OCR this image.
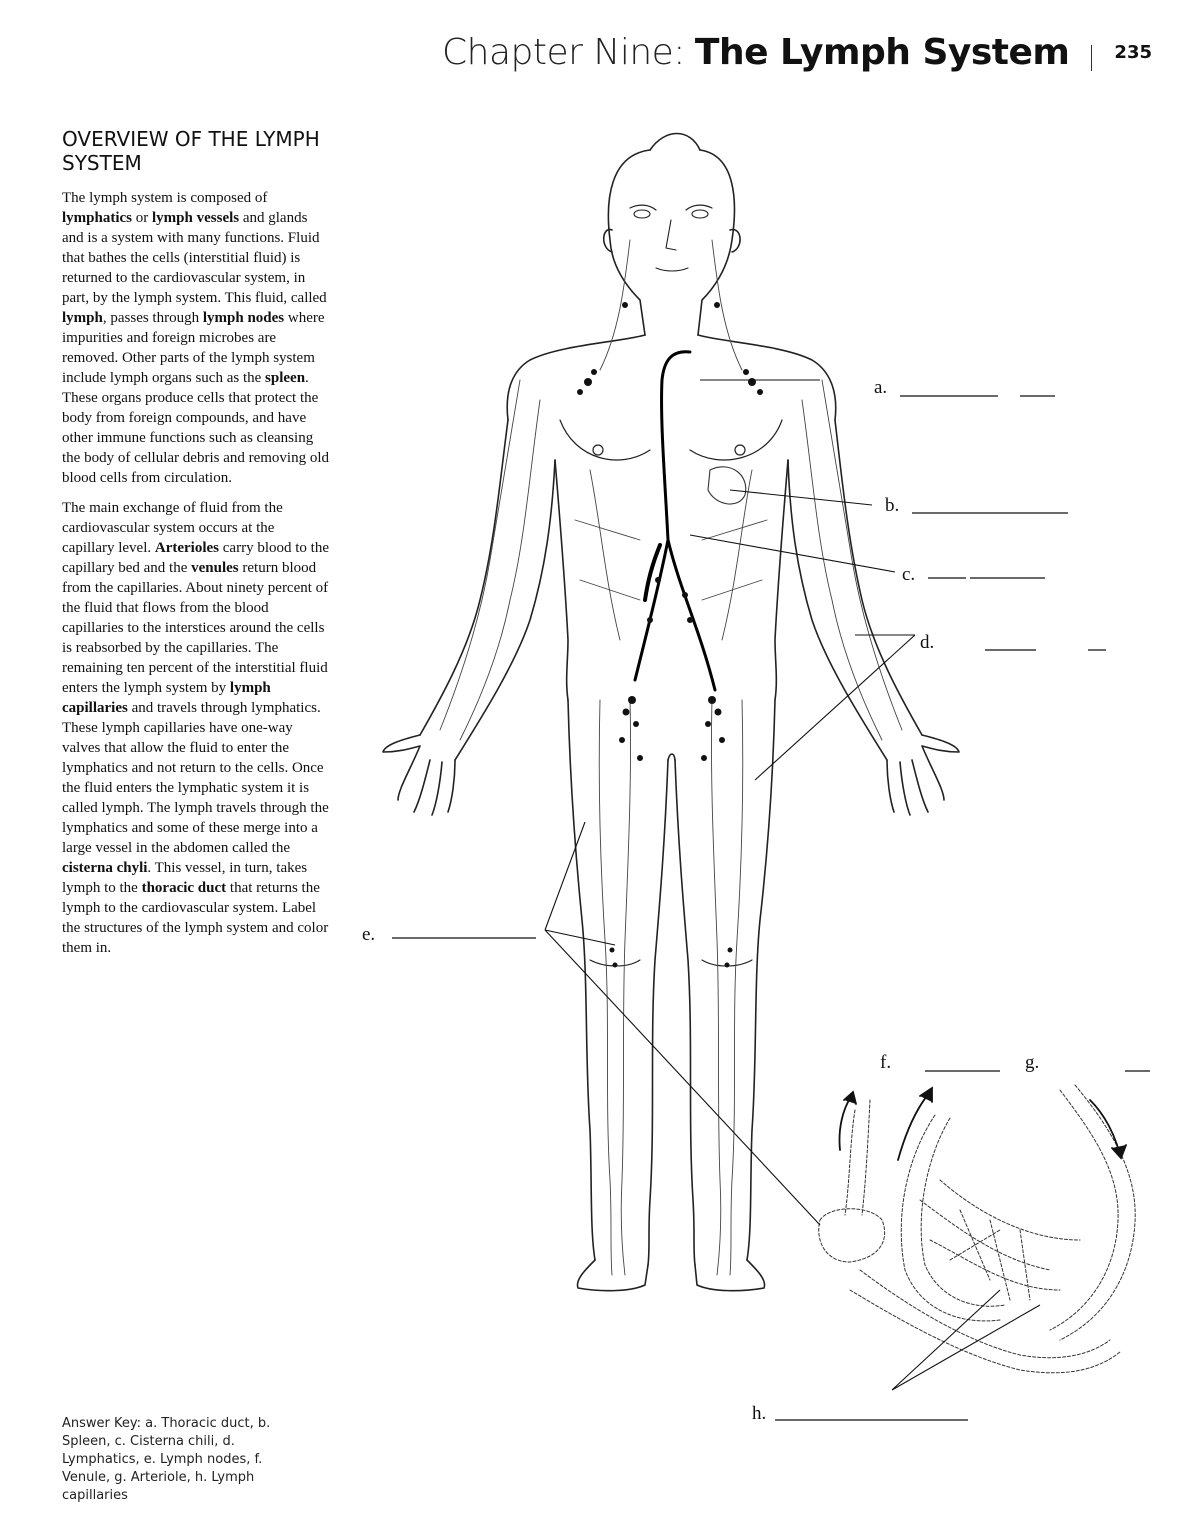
Chapter Nine: The Lymph System	235
OVERVIEW OF THE LYMPH SYSTEM

The lymph system is composed of lymphatics or lymph vessels and glands and is a system with many functions. Fluid that bathes the cells (interstitial fluid) is returned to the cardiovascular system, in part, by the lymph system. This fluid, called lymph, passes through lymph nodes where impurities and foreign microbes are removed. Other parts of the lymph system include lymph organs such as the spleen. These organs produce cells that protect the body from foreign compounds, and have other immune functions such as cleansing the body of cellular debris and removing old blood cells from circulation.

The main exchange of fluid from the cardiovascular system occurs at the capillary level. Arterioles carry blood to the capillary bed and the venules return blood from the capillaries. About ninety percent of the fluid that flows from the blood capillaries to the interstices around the cells is reabsorbed by the capillaries. The remaining ten percent of the interstitial fluid enters the lymph system by lymph capillaries and travels through lymphatics. These lymph capillaries have one-way valves that allow the fluid to enter the lymphatics and not return to the cells. Once the fluid enters the lymphatic system it is called lymph. The lymph travels through the lymphatics and some of these merge into a large vessel in the abdomen called the cisterna chyli. This vessel, in turn, takes lymph to the thoracic duct that returns the lymph to the cardiovascular system. Label the structures of the lymph system and color them in.

Answer Key: a. Thoracic duct, b. Spleen, c. Cisterna chili, d. Lymphatics, e. Lymph nodes, f. Venule, g. Arteriole, h. Lymph capillaries
a.
b.
c.
d.
e.
f.	g.
h.
